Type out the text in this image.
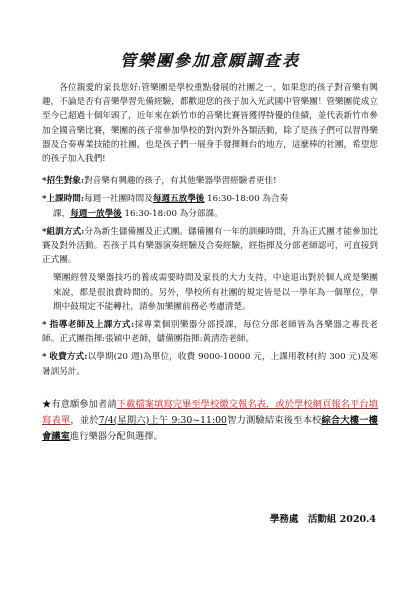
管樂團參加意願調查表

各位親愛的家長您好:管樂團是學校重點發展的社團之一，如果您的孩子對音樂有興趣，不論是否有音樂學習先備經驗，都歡迎您的孩子加入光武國中管樂團！管樂團從成立至今已超過十個年頭了，近年來在新竹市的音樂比賽皆獲得特優的佳績，並代表新竹市參加全國音樂比賽，樂團的孩子常參加學校的對內對外各類活動，除了是孩子們可以習得樂器及合奏專業技能的社團，也是孩子們一展身手發揮舞台的地方，這麼棒的社團，希望您的孩子加入我們!

*招生對象:對音樂有興趣的孩子，有其他樂器學習經驗者更佳!

*上課時間:每週一社團時間及每週五放學後 16:30-18:00 為合奏
課，每週一放學後 16:30-18:00 為分部課。

*組訓方式:分為新生儲備團及正式團。儲備團有一年的訓練時間，升為正式團才能參加比賽及對外活動。若孩子具有樂器演奏經驗及合奏經驗，經指揮及分部老師認可，可直接到正式團。

樂團經營及樂器技巧的養成需要時間及家長的大力支持，中途退出對於個人或是樂團來說，都是很浪費時間的。另外，學校所有社團的規定皆是以一學年為一個單位，學期中鼓規定不能轉社，請參加樂團前務必考慮清楚。

* 指導老師及上課方式:採專業個別樂器分部授課，每位分部老師皆為各樂器之專長老師。正式團指揮:張穎中老師，儲備團指揮:黃清浩老師。

* 收費方式:以學期(20 週)為單位，收費 9000-10000 元，上課用教材(約 300 元)及寒暑訓另計。

★有意願參加者請下載檔案填寫完畢至學校繳交報名表，或於學校網頁報名平台填寫表單，並於7/4(星期六)上午 9:30~11:00智力測驗結束後至本校綜合大樓一樓會議室進行樂器分配與選擇。

學務處　活動組 2020.4
